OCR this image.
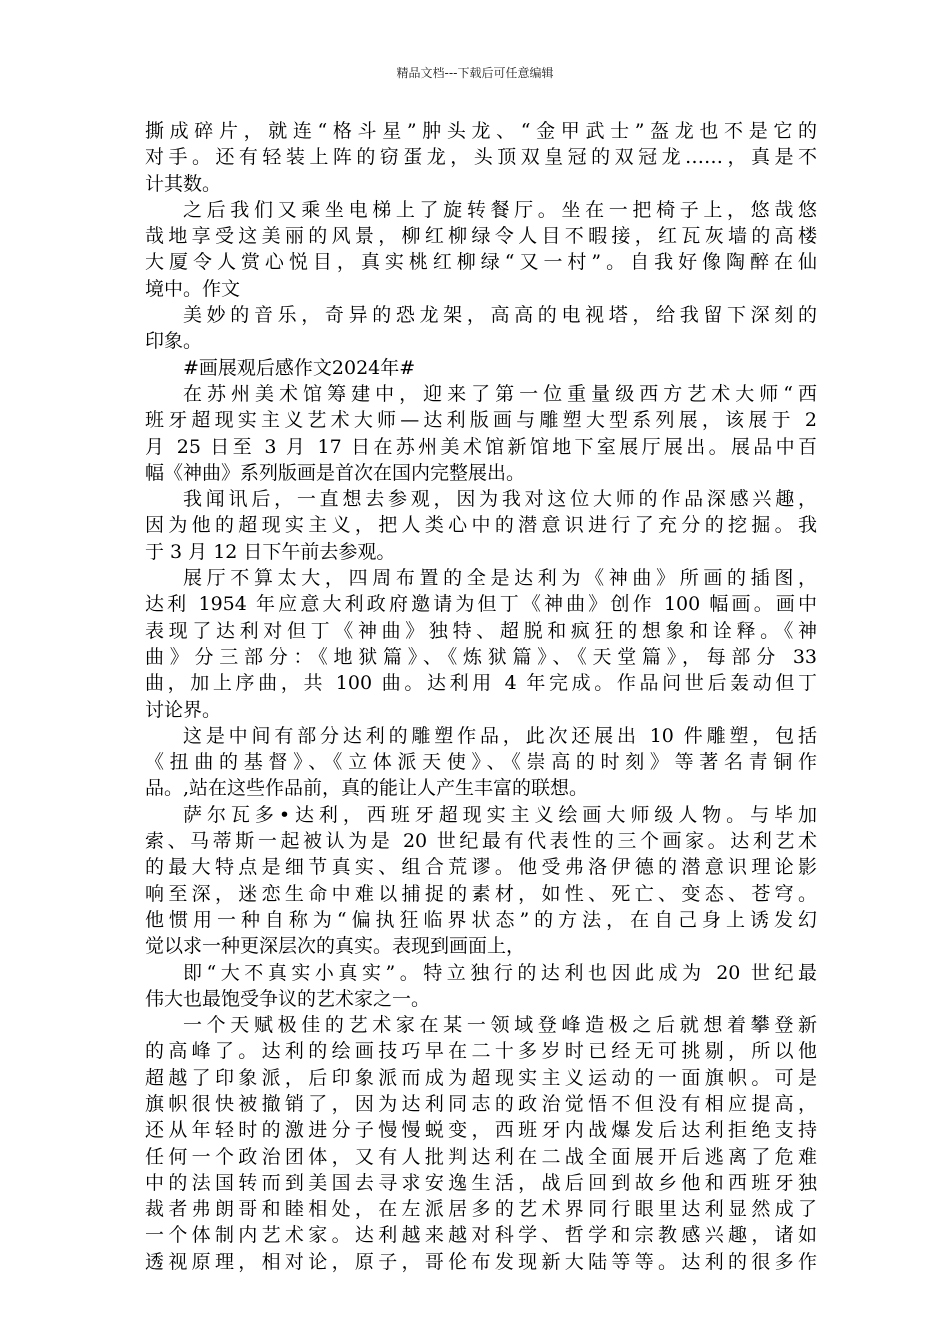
精品文档---下载后可任意编辑
撕成碎片，就连“格斗星”肿头龙、“金甲武士”盔龙也不是它的
对手。还有轻装上阵的窃蛋龙，头顶双皇冠的双冠龙……，真是不
计其数。
之后我们又乘坐电梯上了旋转餐厅。坐在一把椅子上，悠哉悠
哉地享受这美丽的风景，柳红柳绿令人目不暇接，红瓦灰墙的高楼
大厦令人赏心悦目，真实桃红柳绿“又一村”。自我好像陶醉在仙
境中。作文
美妙的音乐，奇异的恐龙架，高高的电视塔，给我留下深刻的
印象。
#画展观后感作文2024年#
在苏州美术馆筹建中，迎来了第一位重量级西方艺术大师“西
班牙超现实主义艺术大师—达利版画与雕塑大型系列展，该展于 2
月 25 日至 3 月 17 日在苏州美术馆新馆地下室展厅展出。展品中百
幅《神曲》系列版画是首次在国内完整展出。
我闻讯后，一直想去参观，因为我对这位大师的作品深感兴趣，
因为他的超现实主义，把人类心中的潜意识进行了充分的挖掘。我
于 3 月 12 日下午前去参观。
展厅不算太大，四周布置的全是达利为《神曲》所画的插图，
达利 1954 年应意大利政府邀请为但丁《神曲》创作 100 幅画。画中
表现了达利对但丁《神曲》独特、超脱和疯狂的想象和诠释。《神
曲》分三部分：《地狱篇》、《炼狱篇》、《天堂篇》，每部分 33
曲，加上序曲，共 100 曲。达利用 4 年完成。作品问世后轰动但丁
讨论界。
这是中间有部分达利的雕塑作品，此次还展出 10 件雕塑，包括
《扭曲的基督》、《立体派天使》、《崇高的时刻》等著名青铜作
品。,站在这些作品前，真的能让人产生丰富的联想。
萨尔瓦多•达利，西班牙超现实主义绘画大师级人物。与毕加
索、马蒂斯一起被认为是 20 世纪最有代表性的三个画家。达利艺术
的最大特点是细节真实、组合荒谬。他受弗洛伊德的潜意识理论影
响至深，迷恋生命中难以捕捉的素材，如性、死亡、变态、苍穹。
他惯用一种自称为“偏执狂临界状态”的方法，在自己身上诱发幻
觉以求一种更深层次的真实。表现到画面上，
即“大不真实小真实”。特立独行的达利也因此成为 20 世纪最
伟大也最饱受争议的艺术家之一。
一个天赋极佳的艺术家在某一领域登峰造极之后就想着攀登新
的高峰了。达利的绘画技巧早在二十多岁时已经无可挑剔，所以他
超越了印象派，后印象派而成为超现实主义运动的一面旗帜。可是
旗帜很快被撤销了，因为达利同志的政治觉悟不但没有相应提高，
还从年轻时的激进分子慢慢蜕变，西班牙内战爆发后达利拒绝支持
任何一个政治团体，又有人批判达利在二战全面展开后逃离了危难
中的法国转而到美国去寻求安逸生活，战后回到故乡他和西班牙独
裁者弗朗哥和睦相处，在左派居多的艺术界同行眼里达利显然成了
一个体制内艺术家。达利越来越对科学、哲学和宗教感兴趣，诸如
透视原理，相对论，原子，哥伦布发现新大陆等等。达利的很多作
